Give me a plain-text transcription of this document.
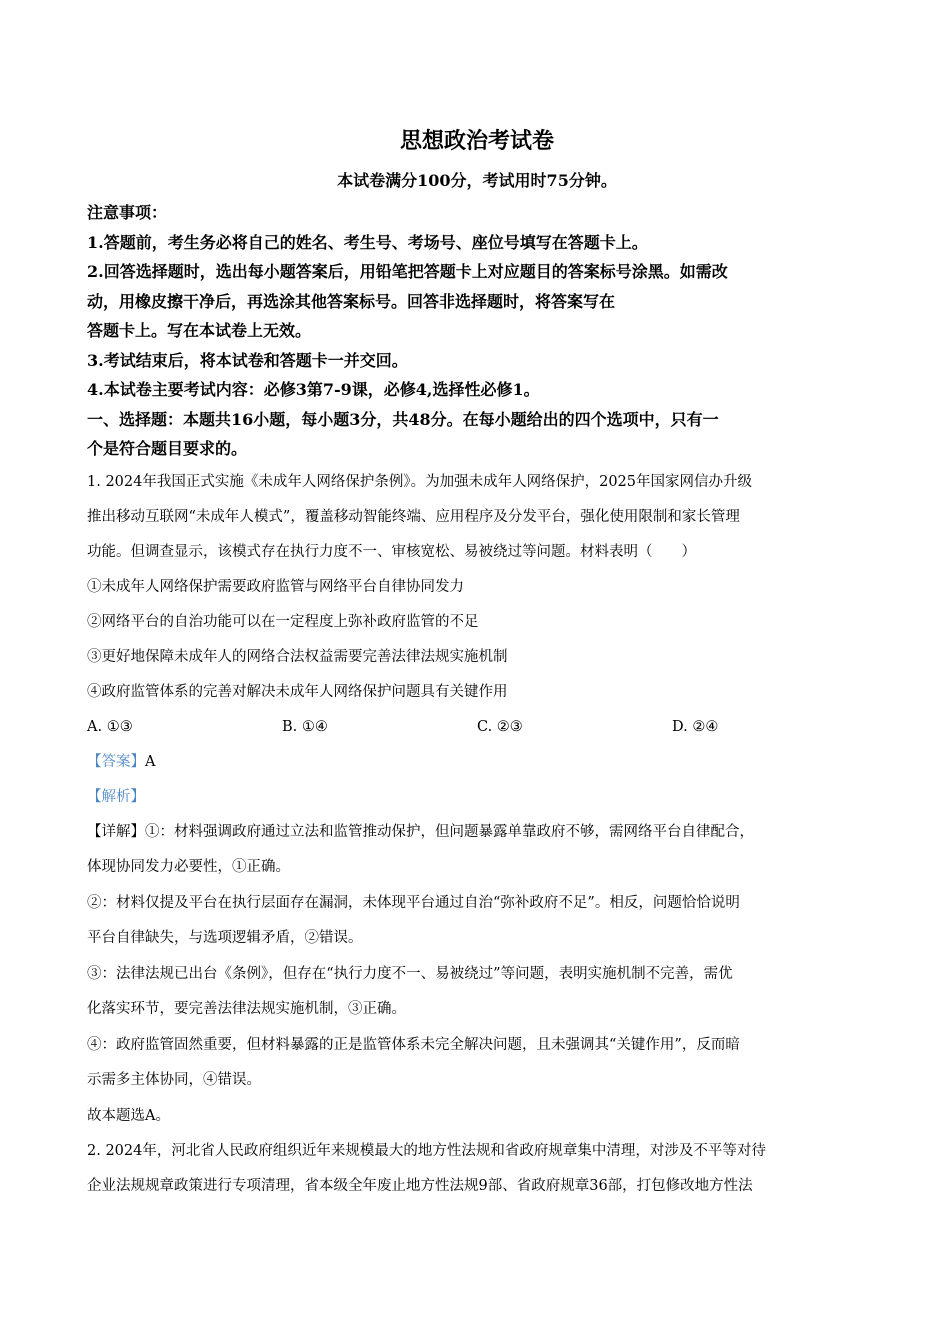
思想政治考试卷
本试卷满分100分，考试用时75分钟。
注意事项：
1.答题前，考生务必将自己的姓名、考生号、考场号、座位号填写在答题卡上。
2.回答选择题时，选出每小题答案后，用铅笔把答题卡上对应题目的答案标号涂黑。如需改
动，用橡皮擦干净后，再选涂其他答案标号。回答非选择题时，将答案写在
答题卡上。写在本试卷上无效。
3.考试结束后，将本试卷和答题卡一并交回。
4.本试卷主要考试内容：必修3第7-9课，必修4,选择性必修1。
一、选择题：本题共16小题，每小题3分，共48分。在每小题给出的四个选项中，只有一
个是符合题目要求的。
1. 2024年我国正式实施《未成年人网络保护条例》。为加强未成年人网络保护，2025年国家网信办升级
推出移动互联网“未成年人模式”，覆盖移动智能终端、应用程序及分发平台，强化使用限制和家长管理
功能。但调查显示，该模式存在执行力度不一、审核宽松、易被绕过等问题。材料表明（　　）
①未成年人网络保护需要政府监管与网络平台自律协同发力
②网络平台的自治功能可以在一定程度上弥补政府监管的不足
③更好地保障未成年人的网络合法权益需要完善法律法规实施机制
④政府监管体系的完善对解决未成年人网络保护问题具有关键作用
A. ①③	B. ①④	C. ②③	D. ②④
【答案】A
【解析】
【详解】①：材料强调政府通过立法和监管推动保护，但问题暴露单靠政府不够，需网络平台自律配合，
体现协同发力必要性，①正确。
②：材料仅提及平台在执行层面存在漏洞，未体现平台通过自治“弥补政府不足”。相反，问题恰恰说明
平台自律缺失，与选项逻辑矛盾，②错误。
③：法律法规已出台《条例》，但存在“执行力度不一、易被绕过”等问题，表明实施机制不完善，需优
化落实环节，要完善法律法规实施机制，③正确。
④：政府监管固然重要，但材料暴露的正是监管体系未完全解决问题，且未强调其“关键作用”，反而暗
示需多主体协同，④错误。
故本题选A。
2. 2024年，河北省人民政府组织近年来规模最大的地方性法规和省政府规章集中清理，对涉及不平等对待
企业法规规章政策进行专项清理，省本级全年废止地方性法规9部、省政府规章36部，打包修改地方性法
